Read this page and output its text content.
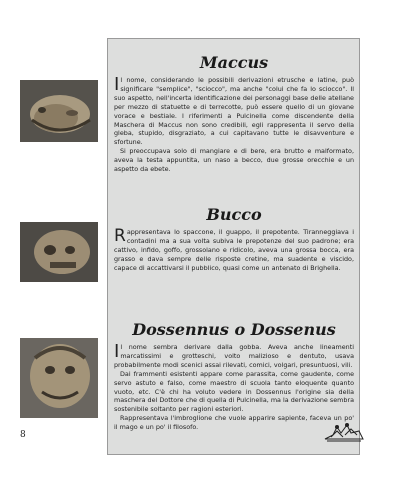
Maccus

Il nome, considerando le possibili derivazioni etrusche e latine, può significare "semplice", "sciocco", ma anche "colui che fa lo sciocco". Il suo aspetto, nell'incerta identificazione dei personaggi base delle atellane per mezzo di statuette e di terrecotte, può essere quello di un giovane vorace e bestiale. I riferimenti a Pulcinella come discendente della Maschera di Maccus non sono credibili, egli rappresenta il servo della gleba, stupido, disgraziato, a cui capitavano tutte le disavventure e sfortune.

Si preoccupava solo di mangiare e di bere, era brutto e malformato, aveva la testa appuntita, un naso a becco, due grosse orecchie e un aspetto da ebete.

Bucco

Rappresentava lo spaccone, il guappo, il prepotente. Tiranneggiava i contadini ma a sua volta subiva le prepotenze del suo padrone; era cattivo, infido, goffo, grossolano e ridicolo, aveva una grossa bocca, era grasso e dava sempre delle risposte cretine, ma suadente e viscido, capace di accattivarsi il pubblico, quasi come un antenato di Brighella.

Dossennus o Dossenus

Il nome sembra derivare dalla gobba. Aveva anche lineamenti marcatissimi e grotteschi, volto malizioso e dentuto, usava probabilmente modi scenici assai rilevati, comici, volgari, presuntuosi, vili.

Dai frammenti esistenti appare come parassita, come gaudente, come servo astuto e falso, come maestro di scuola tanto eloquente quanto vuoto, etc. C'è chi ha voluto vedere in Dossennus l'origine sia della maschera del Dottore che di quella di Pulcinella, ma la derivazione sembra sostenibile soltanto per ragioni esteriori.

Rappresentava l'imbroglione che vuole apparire sapiente, faceva un po' il mago e un po' il filosofo.

8
